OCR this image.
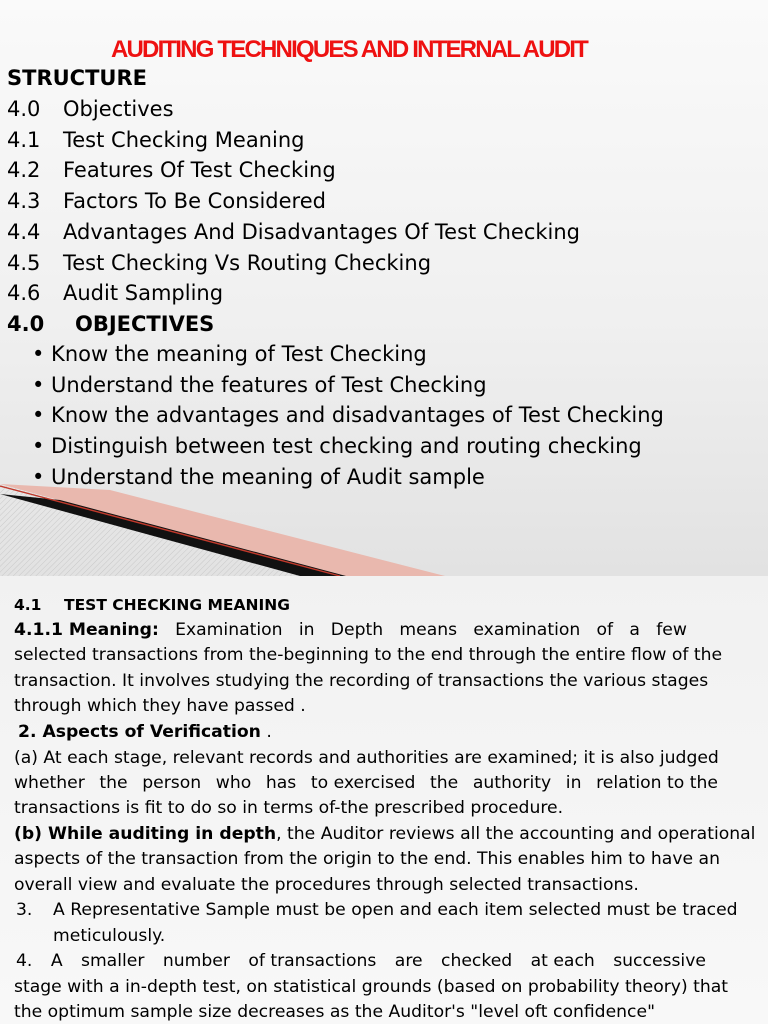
AUDITING TECHNIQUES AND INTERNAL AUDIT
STRUCTURE
4.0 Objectives
4.1 Test Checking Meaning
4.2 Features Of Test Checking
4.3 Factors To Be Considered
4.4 Advantages And Disadvantages Of Test Checking
4.5 Test Checking Vs Routing Checking
4.6 Audit Sampling
4.0 OBJECTIVES
• Know the meaning of Test Checking
• Understand the features of Test Checking
• Know the advantages and disadvantages of Test Checking
• Distinguish between test checking and routing checking
• Understand the meaning of Audit sample
4.1 TEST CHECKING MEANING
4.1.1 Meaning: Examination in Depth means examination of a few
selected transactions from the-beginning to the end through the entire flow of the
transaction. It involves studying the recording of transactions the various stages
through which they have passed .
2. Aspects of Verification .
(a) At each stage, relevant records and authorities are examined; it is also judged
whether the person who has to exercised the authority in relation to the
transactions is fit to do so in terms of-the prescribed procedure.
(b) While auditing in depth, the Auditor reviews all the accounting and operational
aspects of the transaction from the origin to the end. This enables him to have an
overall view and evaluate the procedures through selected transactions.
3. A Representative Sample must be open and each item selected must be traced
meticulously.
4. A smaller number of transactions are checked at each successive
stage with a in-depth test, on statistical grounds (based on probability theory) that
the optimum sample size decreases as the Auditor's "level oft confidence"
